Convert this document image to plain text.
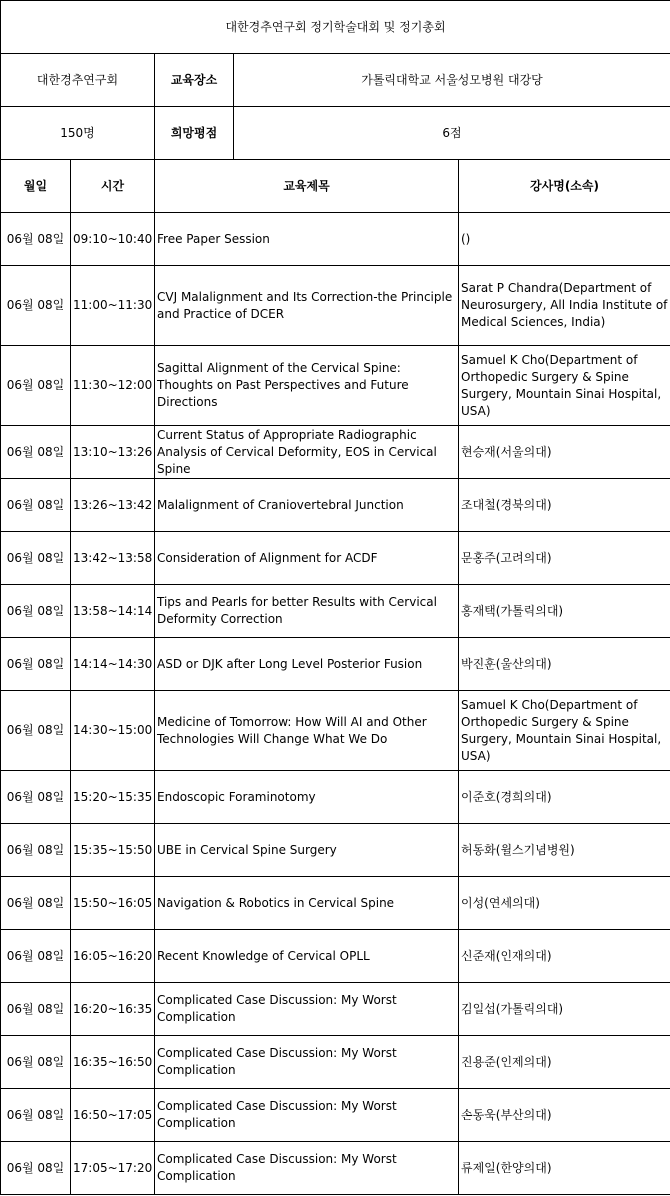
대한경추연구회 정기학술대회 및 정기총회				
대한경추연구회		교육장소	가톨릭대학교 서울성모병원 대강당	
150명		희망평점	6점	
월일	시간	교육제목		강사명(소속)
06월 08일	09:10~10:40	Free Paper Session		()
06월 08일	11:00~11:30	CVJ Malalignment and Its Correction-the Principle and Practice of DCER		Sarat P Chandra(Department of Neurosurgery, All India Institute of Medical Sciences, India)
06월 08일	11:30~12:00	Sagittal Alignment of the Cervical Spine: Thoughts on Past Perspectives and Future Directions		Samuel K Cho(Department of Orthopedic Surgery & Spine Surgery, Mountain Sinai Hospital, USA)
06월 08일	13:10~13:26	Current Status of Appropriate Radiographic Analysis of Cervical Deformity, EOS in Cervical Spine		현승재(서울의대)
06월 08일	13:26~13:42	Malalignment of Craniovertebral Junction		조대철(경북의대)
06월 08일	13:42~13:58	Consideration of Alignment for ACDF		문홍주(고려의대)
06월 08일	13:58~14:14	Tips and Pearls for better Results with Cervical Deformity Correction		홍재택(가톨릭의대)
06월 08일	14:14~14:30	ASD or DJK after Long Level Posterior Fusion		박진훈(울산의대)
06월 08일	14:30~15:00	Medicine of Tomorrow: How Will AI and Other Technologies Will Change What We Do		Samuel K Cho(Department of Orthopedic Surgery & Spine Surgery, Mountain Sinai Hospital, USA)
06월 08일	15:20~15:35	Endoscopic Foraminotomy		이준호(경희의대)
06월 08일	15:35~15:50	UBE in Cervical Spine Surgery		허동화(윌스기념병원)
06월 08일	15:50~16:05	Navigation & Robotics in Cervical Spine		이성(연세의대)
06월 08일	16:05~16:20	Recent Knowledge of Cervical OPLL		신준재(인재의대)
06월 08일	16:20~16:35	Complicated Case Discussion: My Worst Complication		김일섭(가톨릭의대)
06월 08일	16:35~16:50	Complicated Case Discussion: My Worst Complication		진용준(인제의대)
06월 08일	16:50~17:05	Complicated Case Discussion: My Worst Complication		손동욱(부산의대)
06월 08일	17:05~17:20	Complicated Case Discussion: My Worst Complication		류제일(한양의대)
